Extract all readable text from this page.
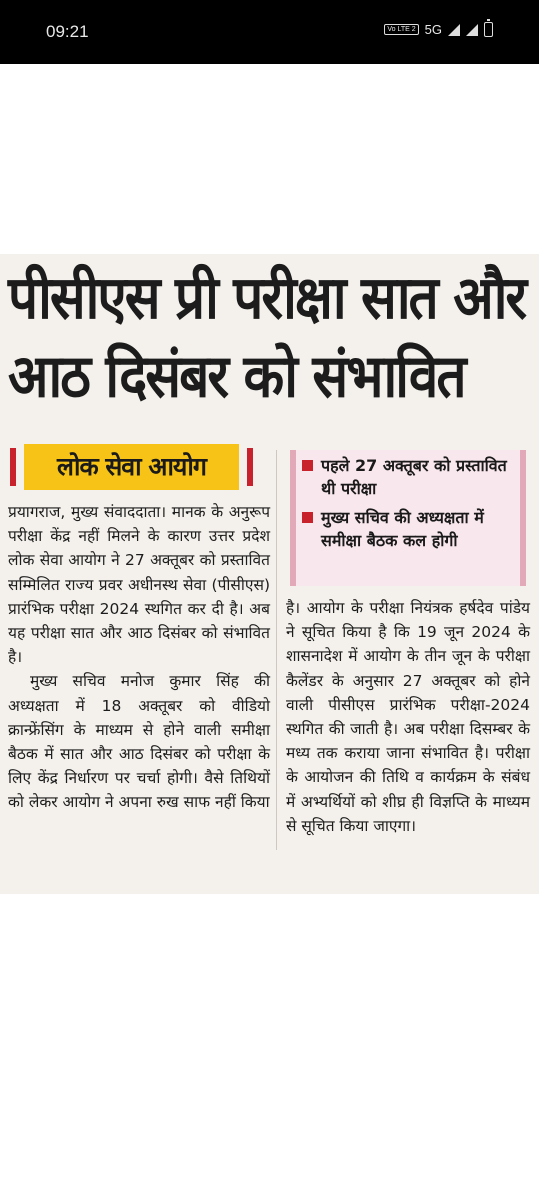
09:21	Vo LTE 2 5G
पीसीएस प्री परीक्षा सात और
आठ दिसंबर को संभावित
लोक सेवा आयोग	पहले 27 अक्तूबर को प्रस्तावित थी परीक्षा
मुख्य सचिव की अध्यक्षता में समीक्षा बैठक कल होगी

प्रयागराज, मुख्य संवाददाता। मानक के अनुरूप परीक्षा केंद्र नहीं मिलने के कारण उत्तर प्रदेश लोक सेवा आयोग ने 27 अक्तूबर को प्रस्तावित सम्मिलित राज्य प्रवर अधीनस्थ सेवा (पीसीएस) प्रारंभिक परीक्षा 2024 स्थगित कर दी है। अब यह परीक्षा सात और आठ दिसंबर को संभावित है।

मुख्य सचिव मनोज कुमार सिंह की अध्यक्षता में 18 अक्तूबर को वीडियो क्रान्फ्रेंसिंग के माध्यम से होने वाली समीक्षा बैठक में सात और आठ दिसंबर को परीक्षा के लिए केंद्र निर्धारण पर चर्चा होगी। वैसे तिथियों को लेकर आयोग ने अपना रुख साफ नहीं किया

है। आयोग के परीक्षा नियंत्रक हर्षदेव पांडेय ने सूचित किया है कि 19 जून 2024 के शासनादेश में आयोग के तीन जून के परीक्षा कैलेंडर के अनुसार 27 अक्तूबर को होने वाली पीसीएस प्रारंभिक परीक्षा-2024 स्थगित की जाती है। अब परीक्षा दिसम्बर के मध्य तक कराया जाना संभावित है। परीक्षा के आयोजन की तिथि व कार्यक्रम के संबंध में अभ्यर्थियों को शीघ्र ही विज्ञप्ति के माध्यम से सूचित किया जाएगा।
